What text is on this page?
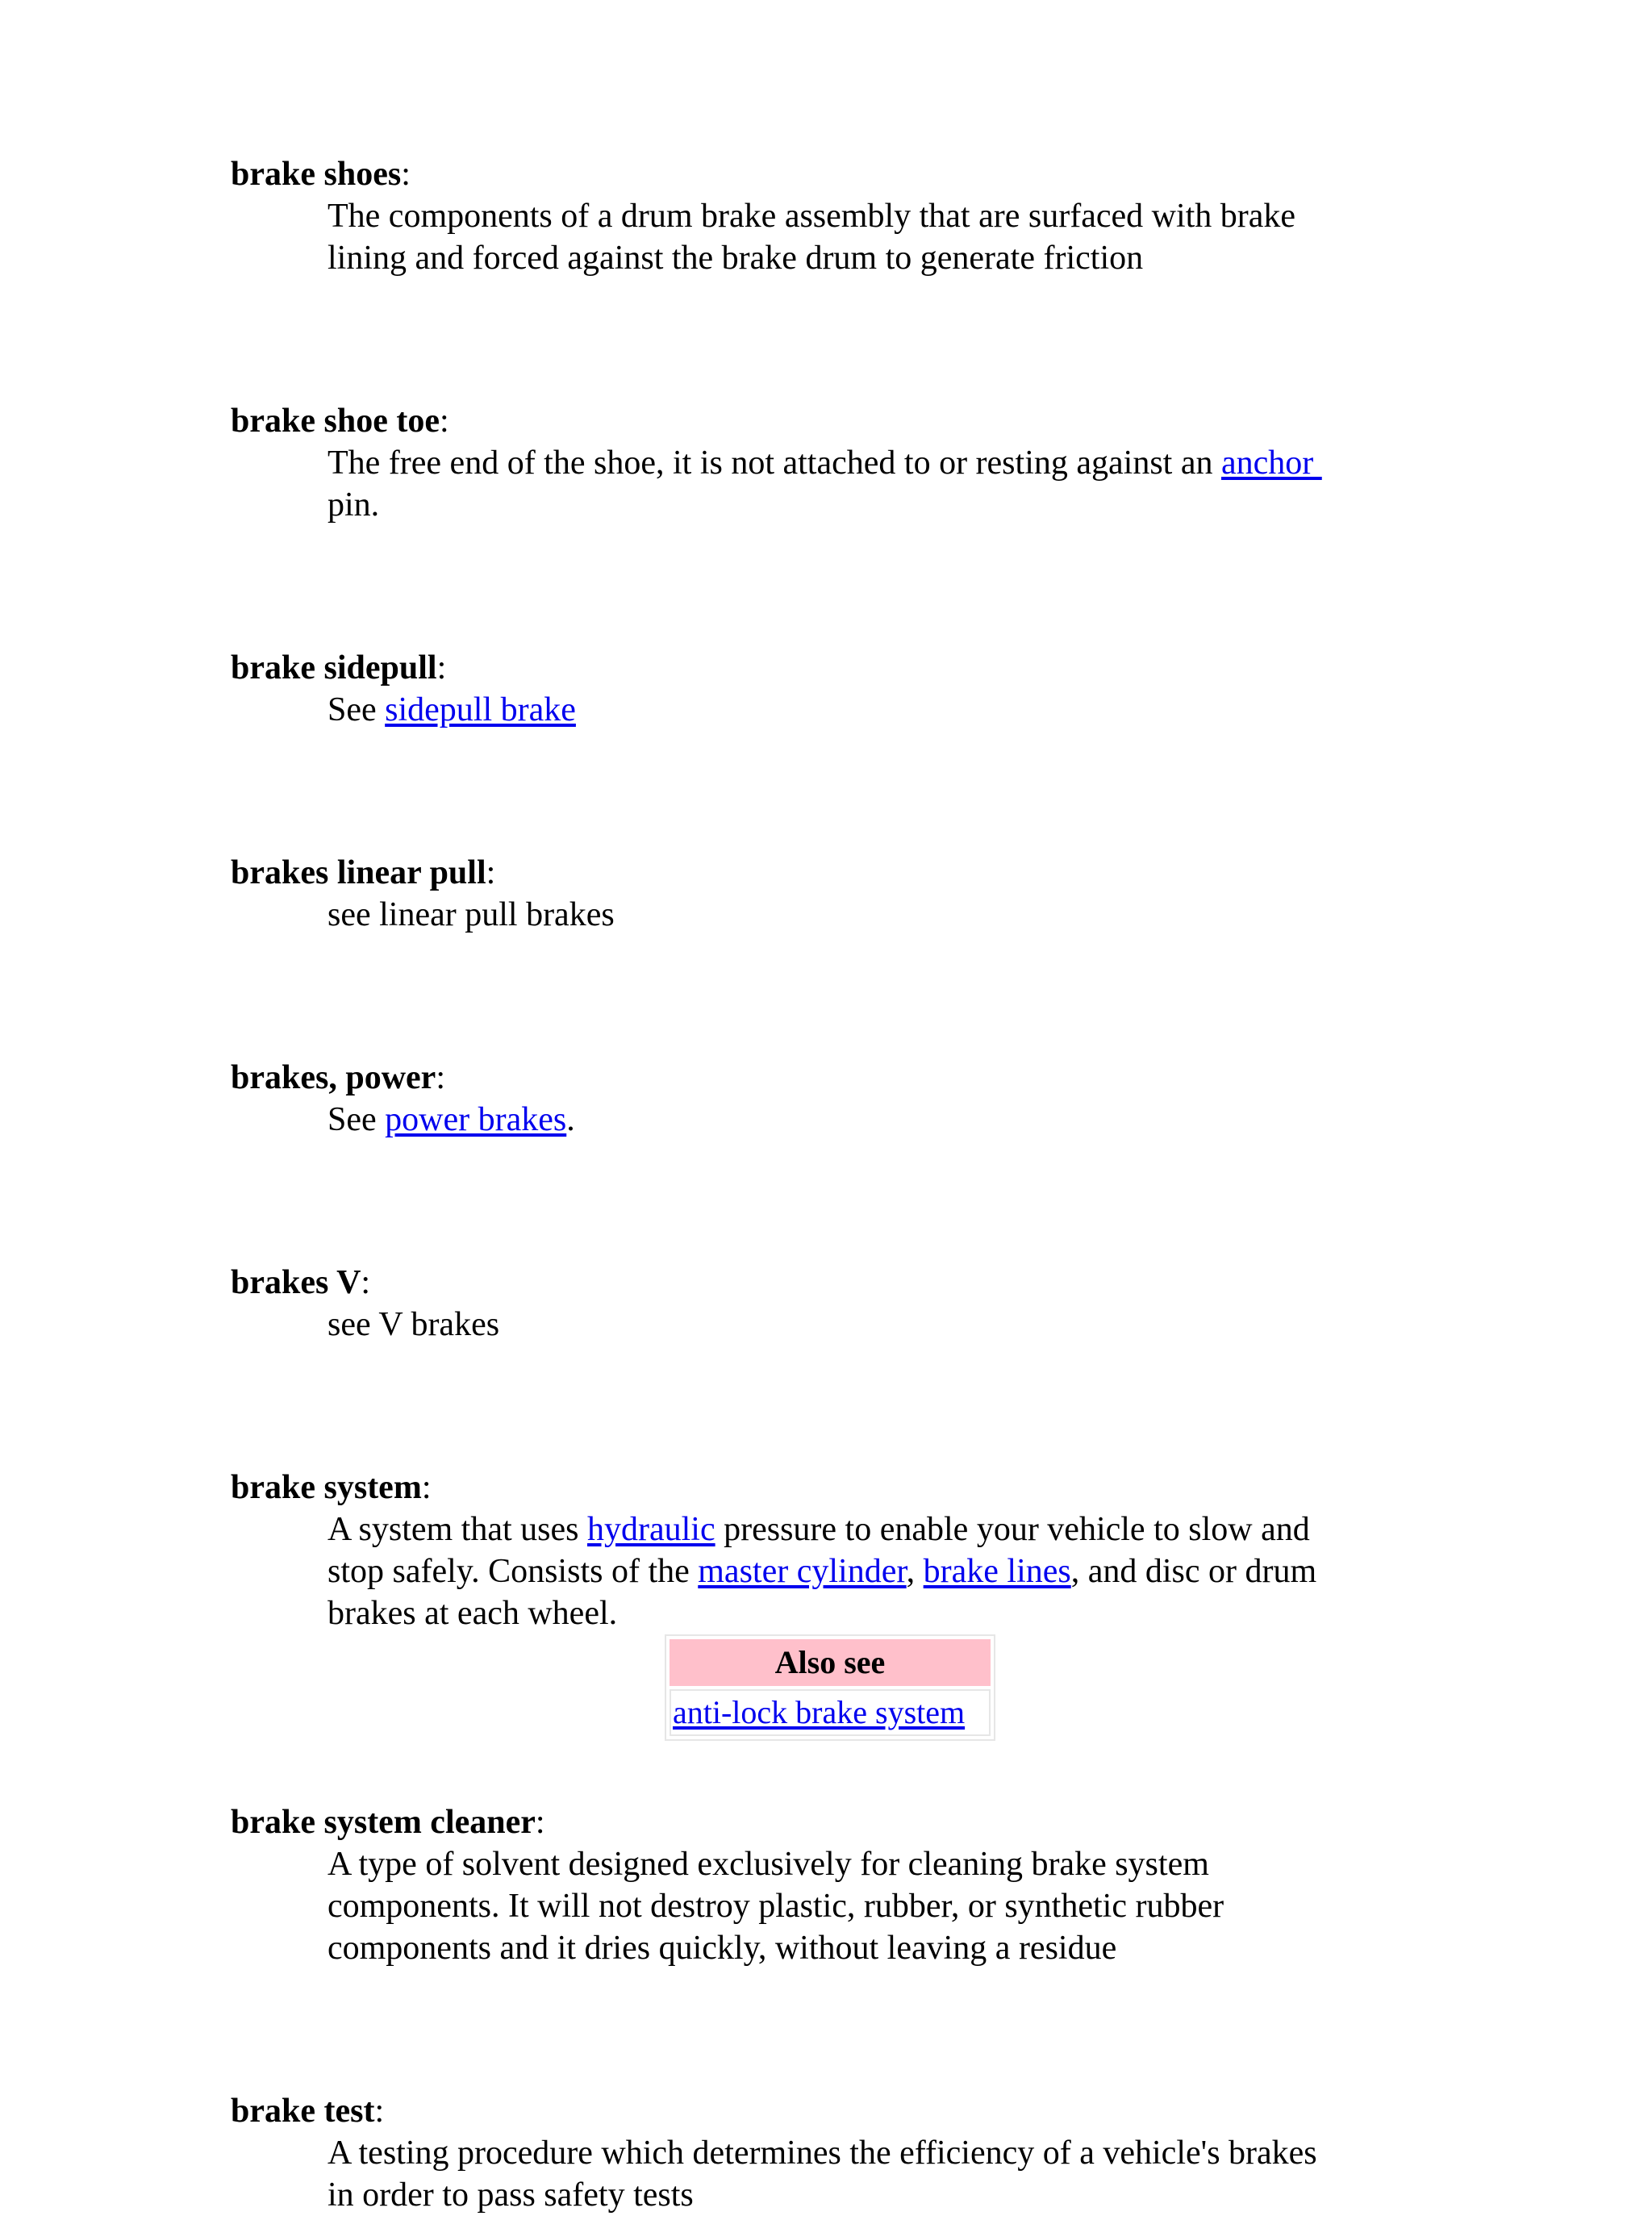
brake shoes:
The components of a drum brake assembly that are surfaced with brake
lining and forced against the brake drum to generate friction
brake shoe toe:
The free end of the shoe, it is not attached to or resting against an anchor
pin.
brake sidepull:
See sidepull brake
brakes linear pull:
see linear pull brakes
brakes, power:
See power brakes.
brakes V:
see V brakes
brake system:
A system that uses hydraulic pressure to enable your vehicle to slow and
stop safely. Consists of the master cylinder, brake lines, and disc or drum
brakes at each wheel.
Also see
anti-lock brake system
brake system cleaner:
A type of solvent designed exclusively for cleaning brake system
components. It will not destroy plastic, rubber, or synthetic rubber
components and it dries quickly, without leaving a residue
brake test:
A testing procedure which determines the efficiency of a vehicle's brakes
in order to pass safety tests
